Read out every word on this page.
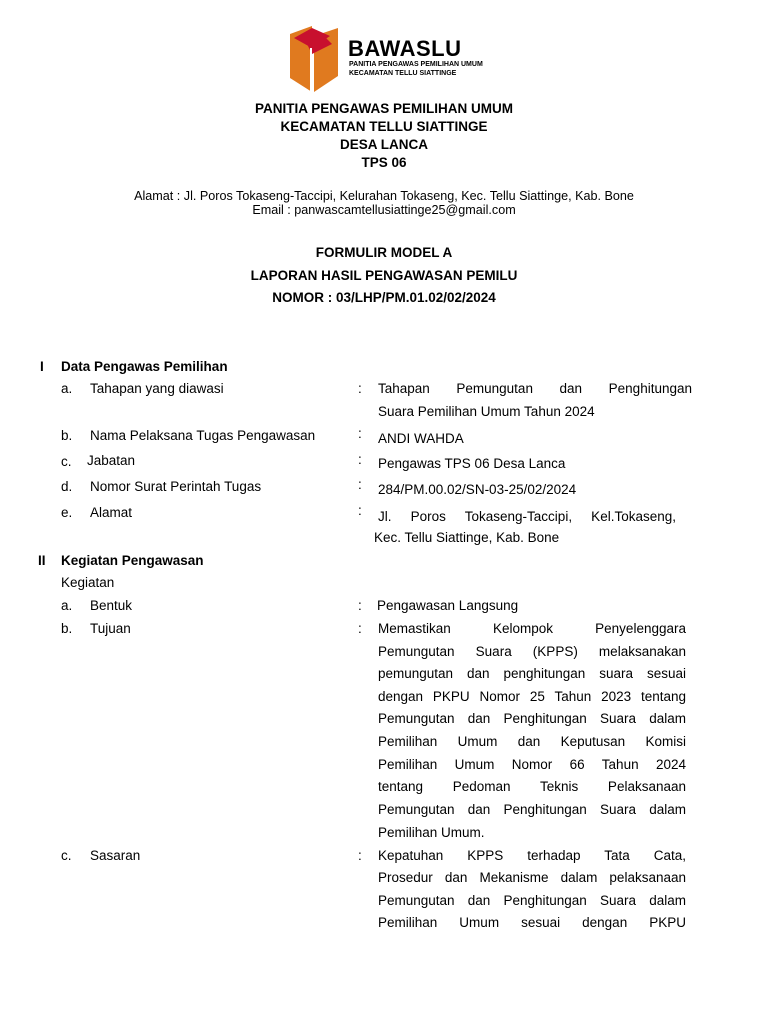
BAWASLU
PANITIA PENGAWAS PEMILIHAN UMUM
KECAMATAN TELLU SIATTINGE
PANITIA PENGAWAS PEMILIHAN UMUM
KECAMATAN TELLU SIATTINGE
DESA LANCA
TPS 06
Alamat : Jl. Poros Tokaseng-Taccipi, Kelurahan Tokaseng, Kec. Tellu Siattinge, Kab. Bone
Email : panwascamtellusiattinge25@gmail.com
FORMULIR MODEL A
LAPORAN HASIL PENGAWASAN PEMILU
NOMOR : 03/LHP/PM.01.02/02/2024
I Data Pengawas Pemilihan
a. Tahapan yang diawasi	: Tahapan Pemungutan dan Penghitungan
Suara Pemilihan Umum Tahun 2024
b. Nama Pelaksana Tugas Pengawasan	: ANDI WAHDA
c. Jabatan	: Pengawas TPS 06 Desa Lanca
d. Nomor Surat Perintah Tugas	: 284/PM.00.02/SN-03-25/02/2024
e. Alamat	: Jl. Poros Tokaseng-Taccipi, Kel.Tokaseng,
Kec. Tellu Siattinge, Kab. Bone
II Kegiatan Pengawasan
Kegiatan
a. Bentuk	: Pengawasan Langsung
b. Tujuan	: Memastikan Kelompok Penyelenggara
Pemungutan Suara (KPPS) melaksanakan
pemungutan dan penghitungan suara sesuai
dengan PKPU Nomor 25 Tahun 2023 tentang
Pemungutan dan Penghitungan Suara dalam
Pemilihan Umum dan Keputusan Komisi
Pemilihan Umum Nomor 66 Tahun 2024
tentang Pedoman Teknis Pelaksanaan
Pemungutan dan Penghitungan Suara dalam
Pemilihan Umum.
c. Sasaran	: Kepatuhan KPPS terhadap Tata Cata,
Prosedur dan Mekanisme dalam pelaksanaan
Pemungutan dan Penghitungan Suara dalam
Pemilihan Umum sesuai dengan PKPU
